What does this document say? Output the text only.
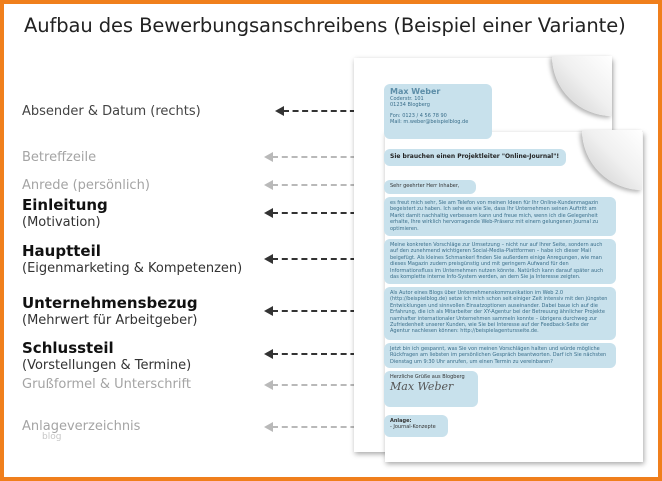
Aufbau des Bewerbungsanschreibens (Beispiel einer Variante)
Absender & Datum (rechts)
Betreffzeile
Anrede (persönlich)
Einleitung
(Motivation)
Hauptteil
(Eigenmarketing & Kompetenzen)
Unternehmensbezug
(Mehrwert für Arbeitgeber)
Schlussteil
(Vorstellungen & Termine)
Grußformel & Unterschrift
Anlageverzeichnis
blog

Max Weber

Coderstr. 101

01234 Blogberg

Fon: 0123 / 4 56 78 90

Mail: m.weber@beispielblog.de

Sie brauchen einen Projektleiter "Online-Journal"!

Sehr geehrter Herr Inhaber,

es freut mich sehr, Sie am Telefon von meinen Ideen für Ihr Online-Kundenmagazin begeistert zu haben. Ich sehe es wie Sie, dass Ihr Unternehmen seinen Auftritt am Markt damit nachhaltig verbessern kann und freue mich, wenn ich die Gelegenheit erhalte, Ihre wirklich hervorragende Web-Präsenz mit einem gelungenen Journal zu optimieren.

Meine konkreten Vorschläge zur Umsetzung – nicht nur auf Ihrer Seite, sondern auch auf den zunehmend wichtigeren Social-Media-Plattformen – habe ich dieser Mail beigefügt. Als kleines Schmankerl finden Sie außerdem einige Anregungen, wie man dieses Magazin zudem preisgünstig und mit geringem Aufwand für den Informationsfluss im Unternehmen nutzen könnte. Natürlich kann darauf später auch das komplette interne Info-System werden, an dem Sie ja Interesse zeigten.

Als Autor eines Blogs über Unternehmenskommunikation im Web 2.0 (http://beispielblog.de) setze ich mich schon seit einiger Zeit intensiv mit den jüngsten Entwicklungen und sinnvollen Einsatzoptionen auseinander. Dabei baue ich auf die Erfahrung, die ich als Mitarbeiter der XY-Agentur bei der Betreuung ähnlicher Projekte namhafter internationaler Unternehmen sammeln konnte – übrigens durchweg zur Zufriedenheit unserer Kunden, wie Sie bei Interesse auf der Feedback-Seite der Agentur nachlesen können: http://beispielagentursseite.de.

Jetzt bin ich gespannt, was Sie von meinen Vorschlägen halten und würde mögliche Rückfragen am liebsten im persönlichen Gespräch beantworten. Darf ich Sie nächsten Dienstag um 9:30 Uhr anrufen, um einen Termin zu vereinbaren?

Herzliche Grüße aus Blogberg

Max Weber

Anlage:

- Journal-Konzepte
